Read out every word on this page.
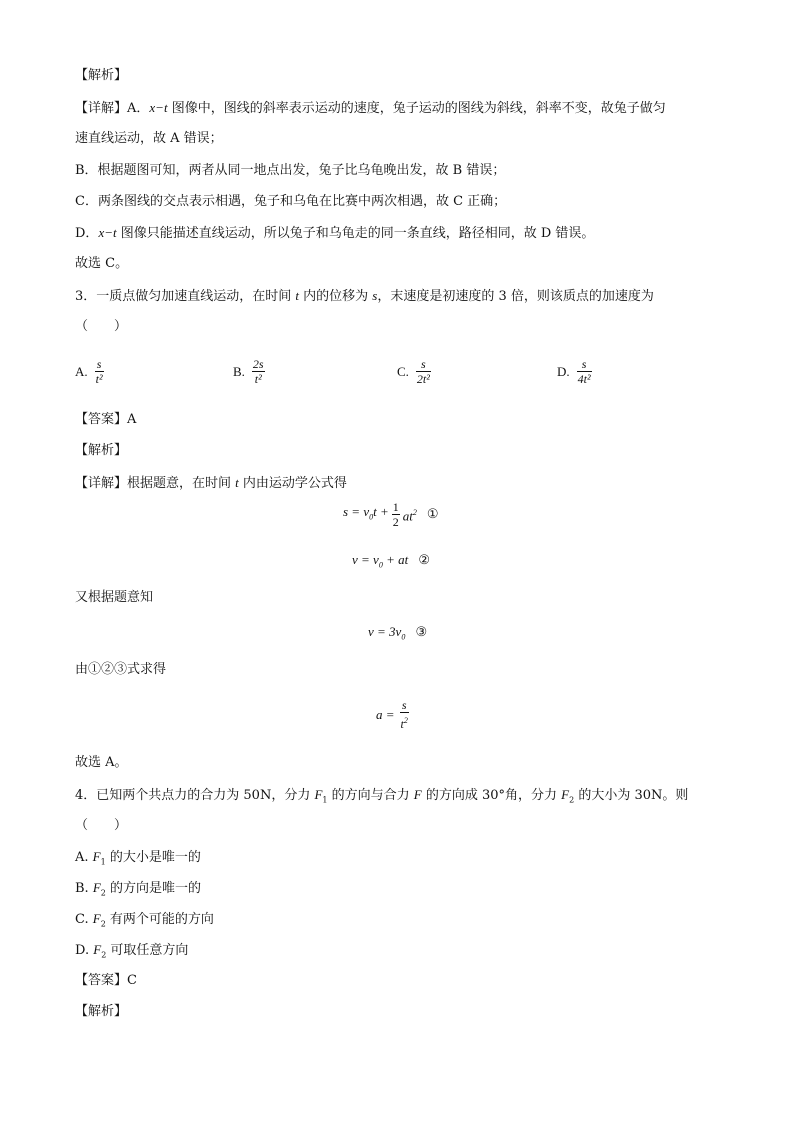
【解析】
【详解】A．x−t 图像中，图线的斜率表示运动的速度，兔子运动的图线为斜线，斜率不变，故兔子做匀
速直线运动，故 A 错误；
B．根据题图可知，两者从同一地点出发，兔子比乌龟晚出发，故 B 错误；
C．两条图线的交点表示相遇，兔子和乌龟在比赛中两次相遇，故 C 正确；
D．x−t 图像只能描述直线运动，所以兔子和乌龟走的同一条直线，路径相同，故 D 错误。
故选 C。
3．一质点做匀加速直线运动，在时间 t 内的位移为 s，末速度是初速度的 3 倍，则该质点的加速度为
（　　）
A. $\frac{s}{\text{t²}}$	B. $\frac{2s}{\text{t²}}$	C. $\frac{s}{\text{2t²}}$	D. $\frac{s}{\text{4t²}}$
【答案】A
【解析】
【详解】根据题意，在时间 t 内由运动学公式得
$s = v_0t + \frac{1}{2} at^2$ ①
$v = v_0$ + at ②
又根据题意知
$v = 3v_0$ ③
由①②③式求得
$a = \frac{s}{t^2}$
故选 A。
4．已知两个共点力的合力为 50N，分力 $F_1$ 的方向与合力 F 的方向成 30°角，分力 $F_2$ 的大小为 30N。则
（　　）
A. $F_1$ 的大小是唯一的
B. $F_2$ 的方向是唯一的
C. $F_2$ 有两个可能的方向
D. $F_2$ 可取任意方向
【答案】C
【解析】
